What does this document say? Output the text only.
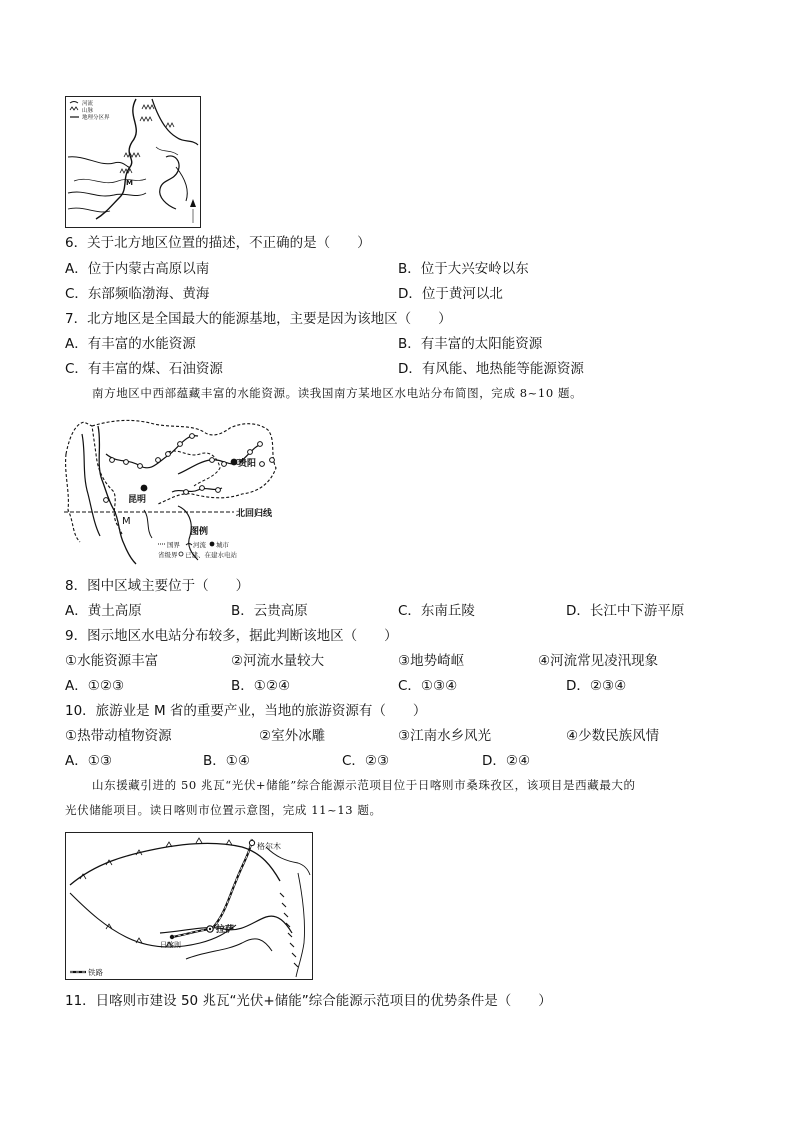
河流
山脉
地理分区界
M
6．关于北方地区位置的描述，不正确的是（　　）
A．位于内蒙古高原以南	B．位于大兴安岭以东
C．东部频临渤海、黄海	D．位于黄河以北
7．北方地区是全国最大的能源基地，主要是因为该地区（　　）
A．有丰富的水能资源	B．有丰富的太阳能资源
C．有丰富的煤、石油资源	D．有风能、地热能等能源资源
南方地区中西部蕴藏丰富的水能资源。读我国南方某地区水电站分布简图，完成 8~10 题。
贵阳
昆明
M
北回归线
图例
国界 河流 城市
省级界 已建、在建水电站
8．图中区域主要位于（　　）
A．黄土高原	B．云贵高原	C．东南丘陵	D．长江中下游平原
9．图示地区水电站分布较多，据此判断该地区（　　）
①水能资源丰富	②河流水量较大	③地势崎岖	④河流常见凌汛现象
A．①②③	B．①②④	C．①③④	D．②③④
10．旅游业是 M 省的重要产业，当地的旅游资源有（　　）
①热带动植物资源	②室外冰雕	③江南水乡风光	④少数民族风情
A．①③	B．①④	C．②③	D．②④
山东援藏引进的 50 兆瓦“光伏+储能”综合能源示范项目位于日喀则市桑珠孜区，该项目是西藏最大的
光伏储能项目。读日喀则市位置示意图，完成 11~13 题。
格尔木
拉萨
日喀则
铁路
11．日喀则市建设 50 兆瓦“光伏+储能”综合能源示范项目的优势条件是（　　）
